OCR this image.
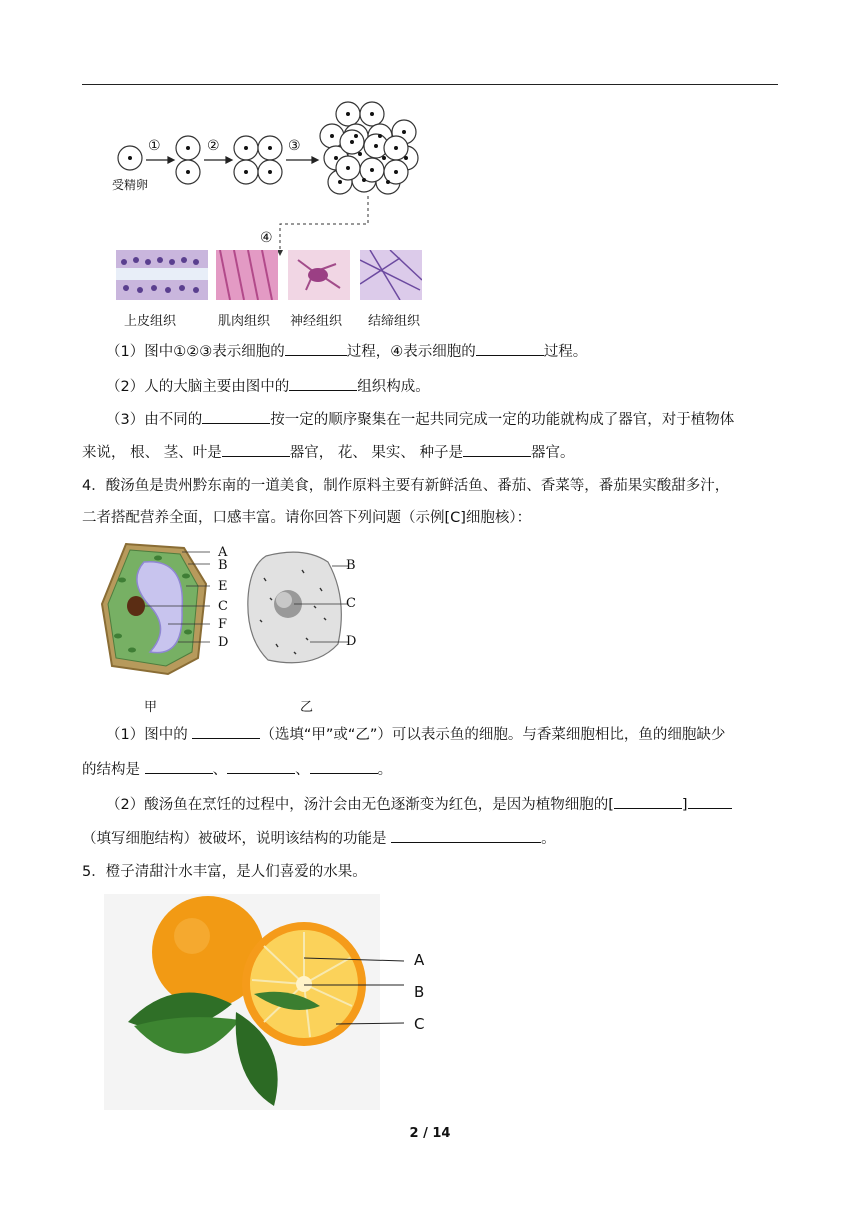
受精卵
①	②	③
④
上皮组织	肌肉组织 神经组织 结缔组织
（1）图中①②③表示细胞的	过程，④表示细胞的	过程。
（2）人的大脑主要由图中的	组织构成。
（3）由不同的	按一定的顺序聚集在一起共同完成一定的功能就构成了器官，对于植物体
来说， 根、 茎、叶是	器官， 花、 果实、 种子是	器官。
4．酸汤鱼是贵州黔东南的一道美食，制作原料主要有新鲜活鱼、番茄、香菜等，番茄果实酸甜多汁，
二者搭配营养全面，口感丰富。请你回答下列问题（示例[C]细胞核）：
A
B
E
C
F
D
B
C
D
甲	乙
（1）图中的	（选填“甲”或“乙”）可以表示鱼的细胞。与香菜细胞相比，鱼的细胞缺少
的结构是	、	、	。
（2）酸汤鱼在烹饪的过程中，汤汁会由无色逐渐变为红色，是因为植物细胞的[	]
（填写细胞结构）被破坏，说明该结构的功能是	。
5．橙子清甜汁水丰富，是人们喜爱的水果。
A
B
C
2 / 14
